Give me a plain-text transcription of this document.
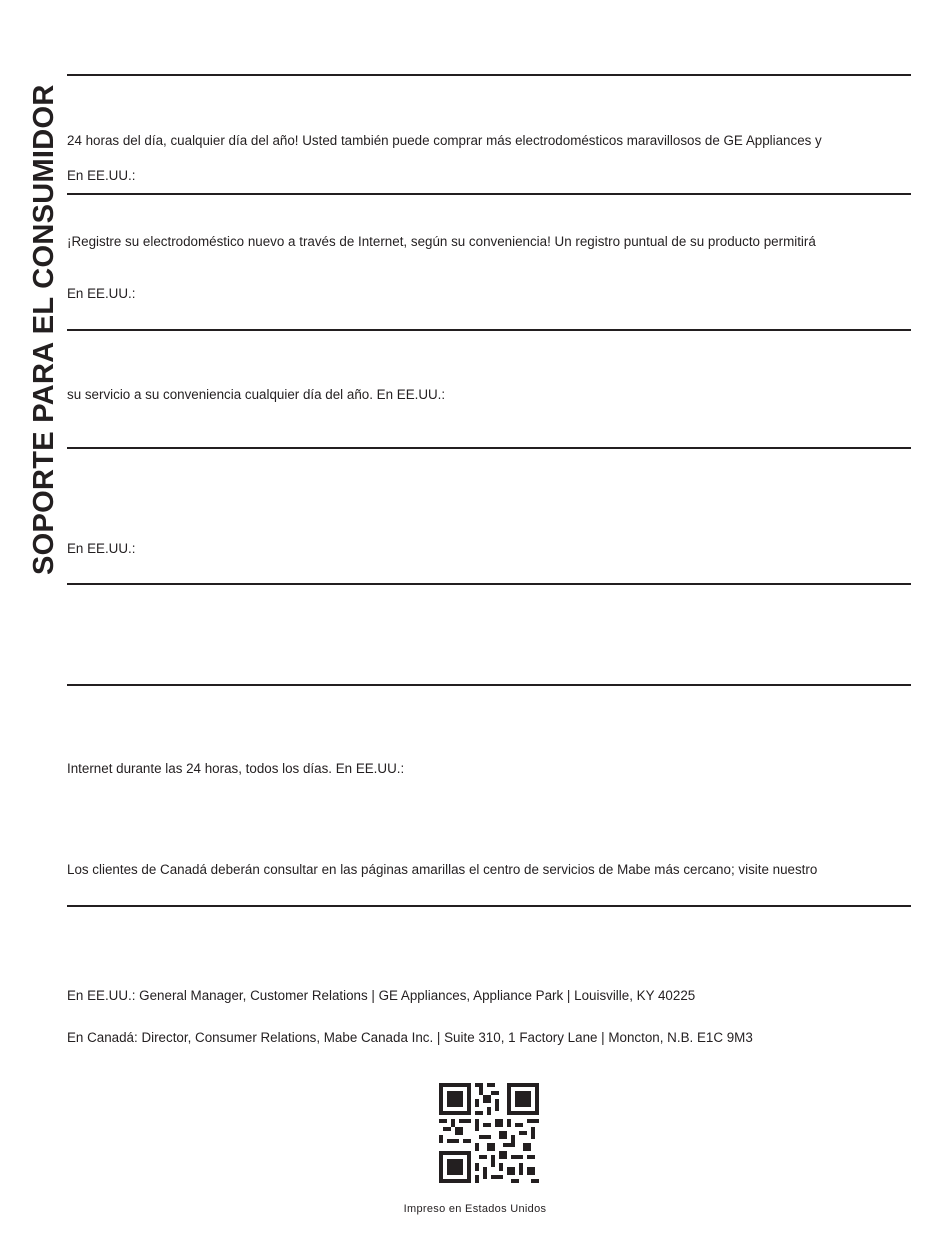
SOPORTE PARA EL CONSUMIDOR 24 horas del día, cualquier día del año! Usted también puede comprar más electrodomésticos maravillosos de GE Appliances y
En EE.UU.:
¡Registre su electrodoméstico nuevo a través de Internet, según su conveniencia! Un registro puntual de su producto permitirá
En EE.UU.:
su servicio a su conveniencia cualquier día del año. En EE.UU.:
En EE.UU.:
Internet durante las 24 horas, todos los días. En EE.UU.:
Los clientes de Canadá deberán consultar en las páginas amarillas el centro de servicios de Mabe más cercano; visite nuestro
En EE.UU.: General Manager, Customer Relations | GE Appliances, Appliance Park | Louisville, KY 40225
En Canadá: Director, Consumer Relations, Mabe Canada Inc. | Suite 310, 1 Factory Lane | Moncton, N.B. E1C 9M3
Impreso en Estados Unidos
